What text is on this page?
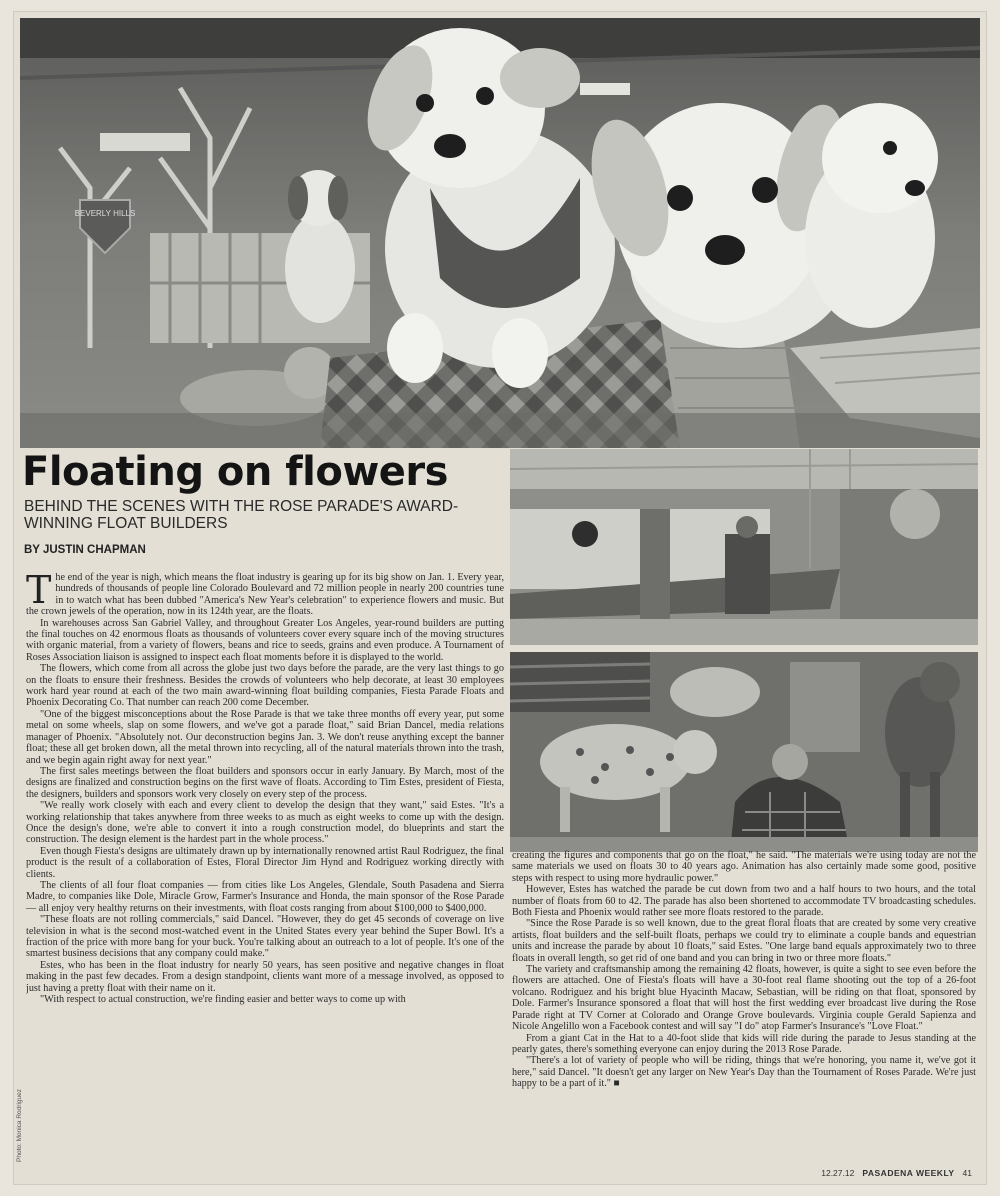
BEVERLY HILLS
Floating on flowers

BEHIND THE SCENES WITH THE ROSE PARADE'S AWARD-WINNING FLOAT BUILDERS

BY JUSTIN CHAPMAN

The end of the year is nigh, which means the float industry is gearing up for its big show on Jan. 1. Every year, hundreds of thousands of people line Colorado Boulevard and 72 million people in nearly 200 countries tune in to watch what has been dubbed "America's New Year's celebration" to experience flowers and music. But the crown jewels of the operation, now in its 124th year, are the floats.

In warehouses across San Gabriel Valley, and throughout Greater Los Angeles, year-round builders are putting the final touches on 42 enormous floats as thousands of volunteers cover every square inch of the moving structures with organic material, from a variety of flowers, beans and rice to seeds, grains and even produce. A Tournament of Roses Association liaison is assigned to inspect each float moments before it is displayed to the world.

The flowers, which come from all across the globe just two days before the parade, are the very last things to go on the floats to ensure their freshness. Besides the crowds of volunteers who help decorate, at least 30 employees work hard year round at each of the two main award-winning float building companies, Fiesta Parade Floats and Phoenix Decorating Co. That number can reach 200 come December.

"One of the biggest misconceptions about the Rose Parade is that we take three months off every year, put some metal on some wheels, slap on some flowers, and we've got a parade float," said Brian Dancel, media relations manager of Phoenix. "Absolutely not. Our deconstruction begins Jan. 3. We don't reuse anything except the banner float; these all get broken down, all the metal thrown into recycling, all of the natural materials thrown into the trash, and we begin again right away for next year."

The first sales meetings between the float builders and sponsors occur in early January. By March, most of the designs are finalized and construction begins on the first wave of floats. According to Tim Estes, president of Fiesta, the designers, builders and sponsors work very closely on every step of the process.

"We really work closely with each and every client to develop the design that they want," said Estes. "It's a working relationship that takes anywhere from three weeks to as much as eight weeks to come up with the design. Once the design's done, we're able to convert it into a rough construction model, do blueprints and start the construction. The design element is the hardest part in the whole process."

Even though Fiesta's designs are ultimately drawn up by internationally renowned artist Raul Rodriguez, the final product is the result of a collaboration of Estes, Floral Director Jim Hynd and Rodriguez working directly with clients.

The clients of all four float companies — from cities like Los Angeles, Glendale, South Pasadena and Sierra Madre, to companies like Dole, Miracle Grow, Farmer's Insurance and Honda, the main sponsor of the Rose Parade — all enjoy very healthy returns on their investments, with float costs ranging from about $100,000 to $400,000.

"These floats are not rolling commercials," said Dancel. "However, they do get 45 seconds of coverage on live television in what is the second most-watched event in the United States every year behind the Super Bowl. It's a fraction of the price with more bang for your buck. You're talking about an outreach to a lot of people. It's one of the smartest business decisions that any company could make."

Estes, who has been in the float industry for nearly 50 years, has seen positive and negative changes in float making in the past few decades. From a design standpoint, clients want more of a message involved, as opposed to just having a pretty float with their name on it.

"With respect to actual construction, we're finding easier and better ways to come up with

creating the figures and components that go on the float," he said. "The materials we're using today are not the same materials we used on floats 30 to 40 years ago. Animation has also certainly made some good, positive steps with respect to using more hydraulic power."

However, Estes has watched the parade be cut down from two and a half hours to two hours, and the total number of floats from 60 to 42. The parade has also been shortened to accommodate TV broadcasting schedules. Both Fiesta and Phoenix would rather see more floats restored to the parade.

"Since the Rose Parade is so well known, due to the great floral floats that are created by some very creative artists, float builders and the self-built floats, perhaps we could try to eliminate a couple bands and equestrian units and increase the parade by about 10 floats," said Estes. "One large band equals approximately two to three floats in overall length, so get rid of one band and you can bring in two or three more floats."

The variety and craftsmanship among the remaining 42 floats, however, is quite a sight to see even before the flowers are attached. One of Fiesta's floats will have a 30-foot real flame shooting out the top of a 26-foot volcano. Rodriguez and his bright blue Hyacinth Macaw, Sebastian, will be riding on that float, sponsored by Dole. Farmer's Insurance sponsored a float that will host the first wedding ever broadcast live during the Rose Parade right at TV Corner at Colorado and Orange Grove boulevards. Virginia couple Gerald Sapienza and Nicole Angelillo won a Facebook contest and will say "I do" atop Farmer's Insurance's "Love Float."

From a giant Cat in the Hat to a 40-foot slide that kids will ride during the parade to Jesus standing at the pearly gates, there's something everyone can enjoy during the 2013 Rose Parade.

"There's a lot of variety of people who will be riding, things that we're honoring, you name it, we've got it here," said Dancel. "It doesn't get any larger on New Year's Day than the Tournament of Roses Parade. We're just happy to be a part of it." ■

Photo: Monica Rodriguez
12.27.12 PASADENA WEEKLY 41
